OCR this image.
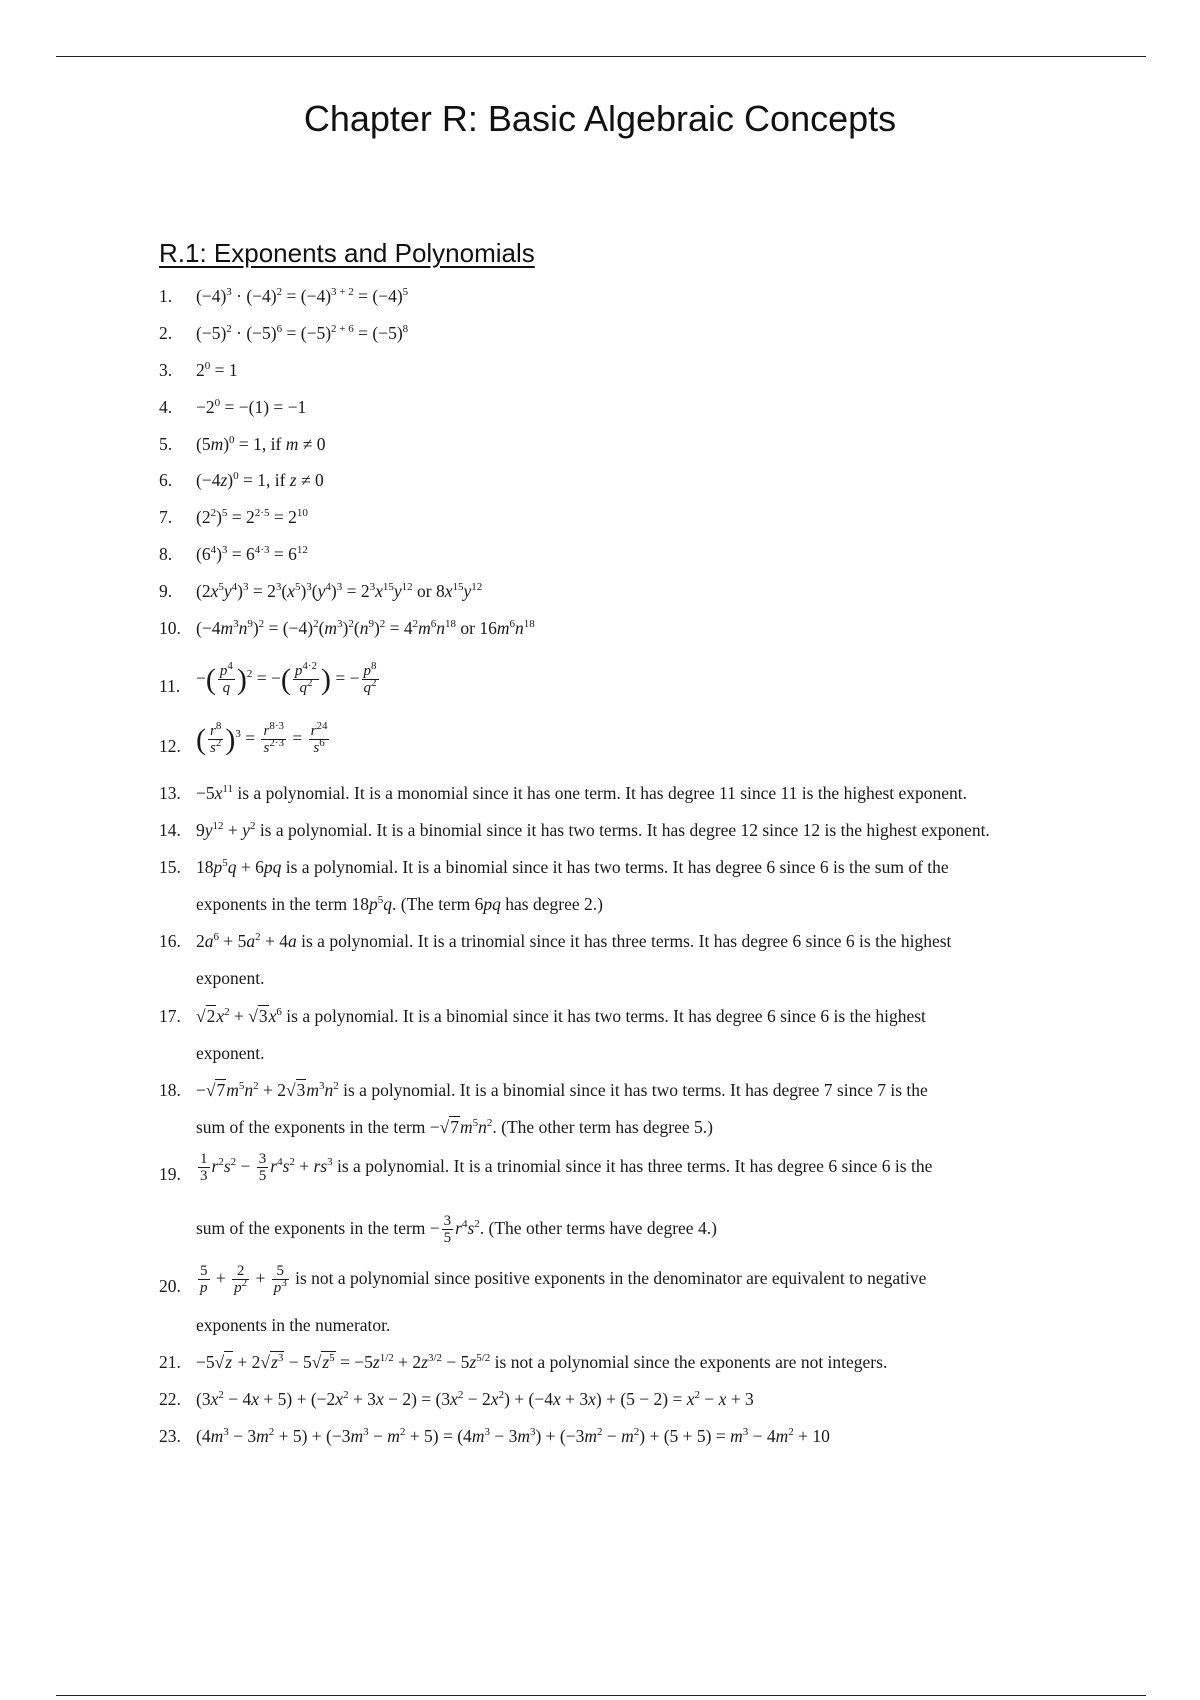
Chapter R: Basic Algebraic Concepts
R.1: Exponents and Polynomials
1. $(-4)^3 \cdot (-4)^2 = (-4)^{3 + 2} = (-4)^5$
2. $(-5)^2 \cdot (-5)^6 = (-5)^{2 + 6} = (-5)^8$
3. $2^0 = 1$
4. $-2^0 = -(1) = -1$
5. $(5m)^0 = 1$, if m ≠ 0
6. $(-4z)^0 = 1$, if z ≠ 0
7. $(2^2)^5 = 2^{2\cdot 5} = 2^{10}$
8. $(6^4)^3 = 6^{4\cdot 3} = 6^{12}$
9. $(2x^5y^4)^3 = 2^3(x^5)^3(y^4)^3 = 2^3x^{15}y^{12}$ or $8x^{15}y^{12}$
10. $(-4m^3n^9)^2 = (-4)^2(m^3)^2(n^9)^2 = 4^2m^6n^{18}$ or $16m^6n^{18}$
11. −( $\frac{p^4}{q} )^2$ = −( $\frac{p^{4\cdot 2}}{q^2}$ ) = − $\frac{p^8}{q^2}$
12. ( $\frac{r^8}{s^2} )^3 = \frac{r^{8\cdot 3}}{s^{2\cdot 3}} = \frac{r^{24}}{s^6}$
13. $-5x^{11}$ is a polynomial. It is a monomial since it has one term. It has degree 11 since 11 is the highest exponent.
14. $9y^{12} + y^2$ is a polynomial. It is a binomial since it has two terms. It has degree 12 since 12 is the highest exponent.
15. $18p^5q + 6pq$ is a polynomial. It is a binomial since it has two terms. It has degree 6 since 6 is the sum of the
exponents in the term $18p^5q$. (The term 6pq has degree 2.)
16. $2a^6 + 5a^2 + 4a$ is a polynomial. It is a trinomial since it has three terms. It has degree 6 since 6 is the highest
exponent.
17. $√2x^2 + √3x^6$ is a polynomial. It is a binomial since it has two terms. It has degree 6 since 6 is the highest
exponent.
18. $-√7m^5n^2 + 2√3m^3n^2$ is a polynomial. It is a binomial since it has two terms. It has degree 7 since 7 is the
sum of the exponents in the term $-√7m^5n^2$. (The other term has degree 5.)
19. $\frac{1}{3} r^2s^2 - \frac{3}{5} r^4s^2 + rs^3$ is a polynomial. It is a trinomial since it has three terms. It has degree 6 since 6 is the
sum of the exponents in the term − $\frac{3}{5} r^4s^2$. (The other terms have degree 4.)
20. $\frac{5}{p} + \frac{2}{p^2} + \frac{5}{p^3}$ is not a polynomial since positive exponents in the denominator are equivalent to negative
exponents in the numerator.
21. $-5√z + 2√z^3 - 5√z^5 = -5z^{1/2} + 2z^{3/2} - 5z^{5/2}$ is not a polynomial since the exponents are not integers.
22. $(3x^2 - 4x + 5) + (-2x^2 + 3x - 2) = (3x^2 - 2x^2) + (-4x + 3x) + (5 - 2) = x^2 - x + 3$
23. $(4m^3 - 3m^2 + 5) + (-3m^3 - m^2 + 5) = (4m^3 - 3m^3) + (-3m^2 - m^2) + (5 + 5) = m^3 - 4m^2 + 10$
